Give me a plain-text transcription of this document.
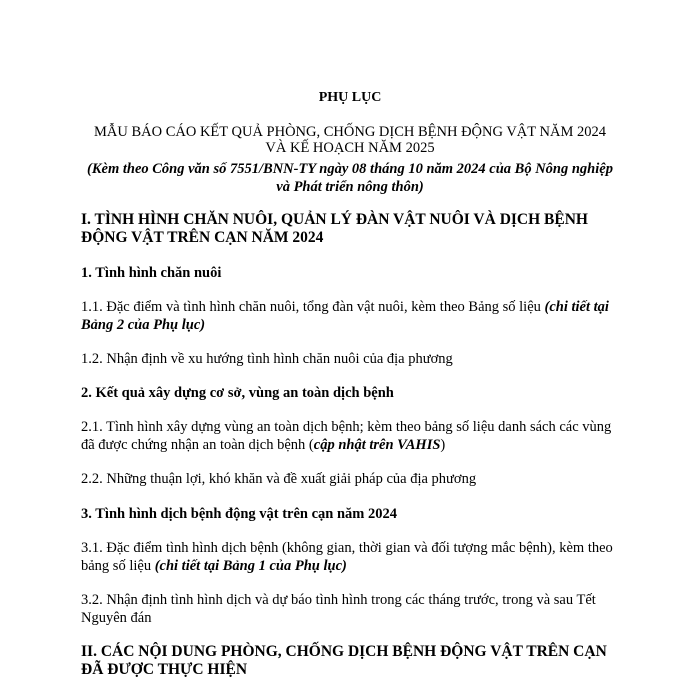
PHỤ LỤC
MẪU BÁO CÁO KẾT QUẢ PHÒNG, CHỐNG DỊCH BỆNH ĐỘNG VẬT NĂM 2024
VÀ KẾ HOẠCH NĂM 2025
(Kèm theo Công văn số 7551/BNN-TY ngày 08 tháng 10 năm 2024 của Bộ Nông nghiệp
và Phát triển nông thôn)
I. TÌNH HÌNH CHĂN NUÔI, QUẢN LÝ ĐÀN VẬT NUÔI VÀ DỊCH BỆNH ĐỘNG VẬT TRÊN CẠN NĂM 2024
1. Tình hình chăn nuôi
1.1. Đặc điểm và tình hình chăn nuôi, tổng đàn vật nuôi, kèm theo Bảng số liệu (chi tiết tại Bảng 2 của Phụ lục)
1.2. Nhận định về xu hướng tình hình chăn nuôi của địa phương
2. Kết quả xây dựng cơ sở, vùng an toàn dịch bệnh
2.1. Tình hình xây dựng vùng an toàn dịch bệnh; kèm theo bảng số liệu danh sách các vùng đã được chứng nhận an toàn dịch bệnh (cập nhật trên VAHIS)
2.2. Những thuận lợi, khó khăn và đề xuất giải pháp của địa phương
3. Tình hình dịch bệnh động vật trên cạn năm 2024
3.1. Đặc điểm tình hình dịch bệnh (không gian, thời gian và đối tượng mắc bệnh), kèm theo bảng số liệu (chi tiết tại Bảng 1 của Phụ lục)
3.2. Nhận định tình hình dịch và dự báo tình hình trong các tháng trước, trong và sau Tết Nguyên đán
II. CÁC NỘI DUNG PHÒNG, CHỐNG DỊCH BỆNH ĐỘNG VẬT TRÊN CẠN ĐÃ ĐƯỢC THỰC HIỆN
